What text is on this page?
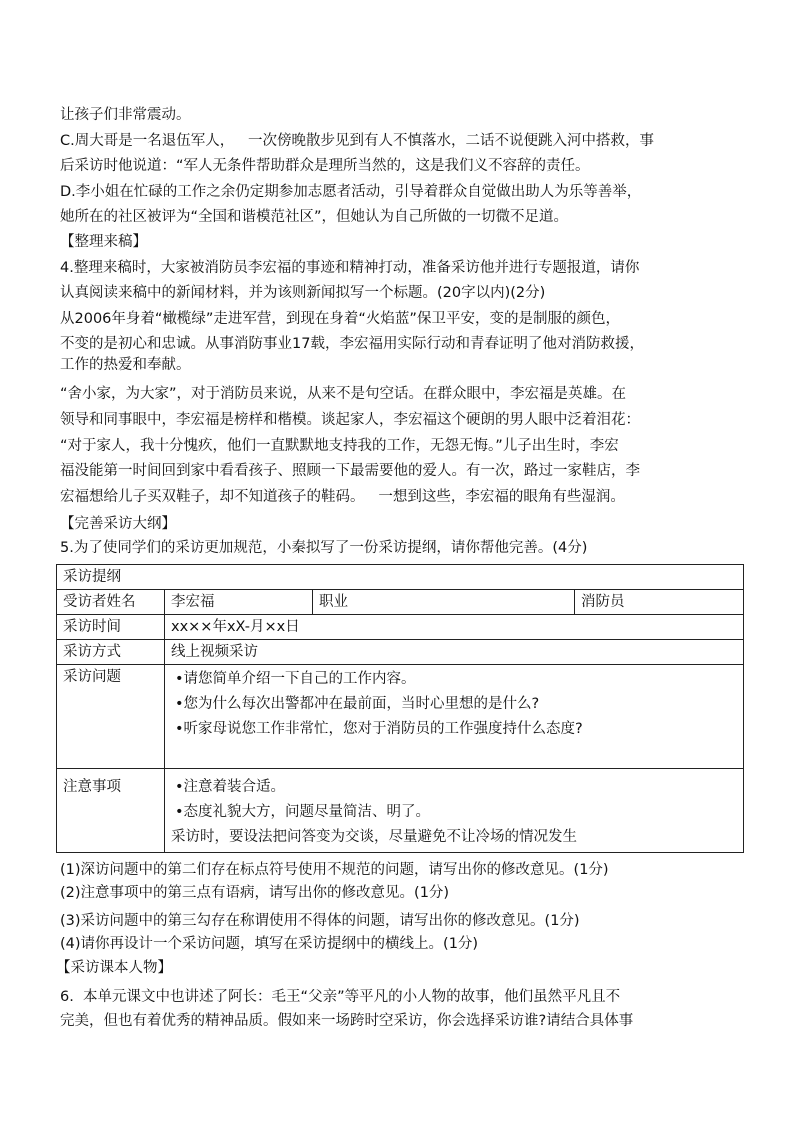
让孩子们非常震动。
C.周大哥是一名退伍军人，   一次傍晚散步见到有人不慎落水，二话不说便跳入河中搭救，事
后采访时他说道：“军人无条件帮助群众是理所当然的，这是我们义不容辞的责任。
D.李小姐在忙碌的工作之余仍定期参加志愿者活动，引导着群众自觉做出助人为乐等善举，
她所在的社区被评为“全国和谐模范社区”，但她认为自己所做的一切微不足道。
【整理来稿】
4.整理来稿时，大家被消防员李宏福的事迹和精神打动，准备采访他并进行专题报道，请你
认真阅读来稿中的新闻材料，并为该则新闻拟写一个标题。(20字以内)(2分)
从2006年身着“橄榄绿”走进军营，到现在身着“火焰蓝”保卫平安，变的是制服的颜色，
不变的是初心和忠诚。从事消防事业17载，李宏福用实际行动和青春证明了他对消防救援，
工作的热爱和奉献。
“舍小家，为大家”，对于消防员来说，从来不是句空话。在群众眼中，李宏福是英雄。在
领导和同事眼中，李宏福是榜样和楷模。谈起家人，李宏福这个硬朗的男人眼中泛着泪花：
“对于家人，我十分愧疚，他们一直默默地支持我的工作，无怨无悔。”儿子出生时，李宏
福没能第一时间回到家中看看孩子、照顾一下最需要他的爱人。有一次，路过一家鞋店，李
宏福想给儿子买双鞋子，却不知道孩子的鞋码。   一想到这些，李宏福的眼角有些湿润。
【完善采访大纲】
5.为了使同学们的采访更加规范，小秦拟写了一份采访提纲，请你帮他完善。(4分)
采访提纲			
受访者姓名	李宏福	职业	消防员
采访时间	xx××年xX-月×x日		
采访方式	线上视频采访		
采访问题	•请您简单介绍一下自己的工作内容。
•您为什么每次出警都冲在最前面，当时心里想的是什么?
•听家母说您工作非常忙，您对于消防员的工作强度持什么态度?		

注意事项	•注意着装合适。
•态度礼貌大方，问题尽量简洁、明了。
采访时，要设法把问答变为交谈，尽量避免不让冷场的情况发生		
(1)深访问题中的第二们存在标点符号使用不规范的问题，请写出你的修改意见。(1分)
(2)注意事项中的第三点有语病，请写出你的修改意见。(1分)
(3)采访问题中的第三勾存在称谓使用不得体的问题，请写出你的修改意见。(1分)
(4)请你再设计一个采访问题，填写在采访提纲中的横线上。(1分)
【采访课本人物】
6.  本单元课文中也讲述了阿长：毛王“父亲”等平凡的小人物的故事，他们虽然平凡且不
完美，但也有着优秀的精神品质。假如来一场跨时空采访，你会选择采访谁?请结合具体事
